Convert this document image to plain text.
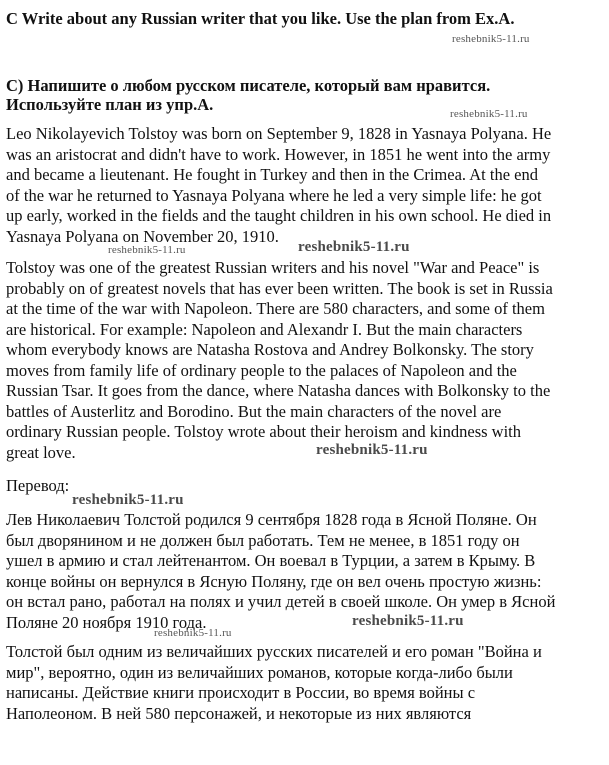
C Write about any Russian writer that you like. Use the plan from Ex.A.
C) Напишите о любом русском писателе, который вам нравится.
Используйте план из упр.А.
Leo Nikolayevich Tolstoy was born on September 9, 1828 in Yasnaya Polyana. He
was an aristocrat and didn't have to work. However, in 1851 he went into the army
and became a lieutenant. He fought in Turkey and then in the Crimea. At the end
of the war he returned to Yasnaya Polyana where he led a very simple life: he got
up early, worked in the fields and the taught children in his own school. He died in
Yasnaya Polyana on November 20, 1910.
Tolstoy was one of the greatest Russian writers and his novel "War and Peace" is
probably on of greatest novels that has ever been written. The book is set in Russia
at the time of the war with Napoleon. There are 580 characters, and some of them
are historical. For example: Napoleon and Alexandr I. But the main characters
whom everybody knows are Natasha Rostova and Andrey Bolkonsky. The story
moves from family life of ordinary people to the palaces of Napoleon and the
Russian Tsar. It goes from the dance, where Natasha dances with Bolkonsky to the
battles of Austerlitz and Borodino. But the main characters of the novel are
ordinary Russian people. Tolstoy wrote about their heroism and kindness with
great love.
Перевод:
Лев Николаевич Толстой родился 9 сентября 1828 года в Ясной Поляне. Он
был дворянином и не должен был работать. Тем не менее, в 1851 году он
ушел в армию и стал лейтенантом. Он воевал в Турции, а затем в Крыму. В
конце войны он вернулся в Ясную Поляну, где он вел очень простую жизнь:
он встал рано, работал на полях и учил детей в своей школе. Он умер в Ясной
Поляне 20 ноября 1910 года.
Толстой был одним из величайших русских писателей и его роман "Война и
мир", вероятно, один из величайших романов, которые когда-либо были
написаны. Действие книги происходит в России, во время войны с
Наполеоном. В ней 580 персонажей, и некоторые из них являются
reshebnik5-11.ru
reshebnik5-11.ru
reshebnik5-11.ru	reshebnik5-11.ru
reshebnik5-11.ru
reshebnik5-11.ru
reshebnik5-11.ru
reshebnik5-11.ru
